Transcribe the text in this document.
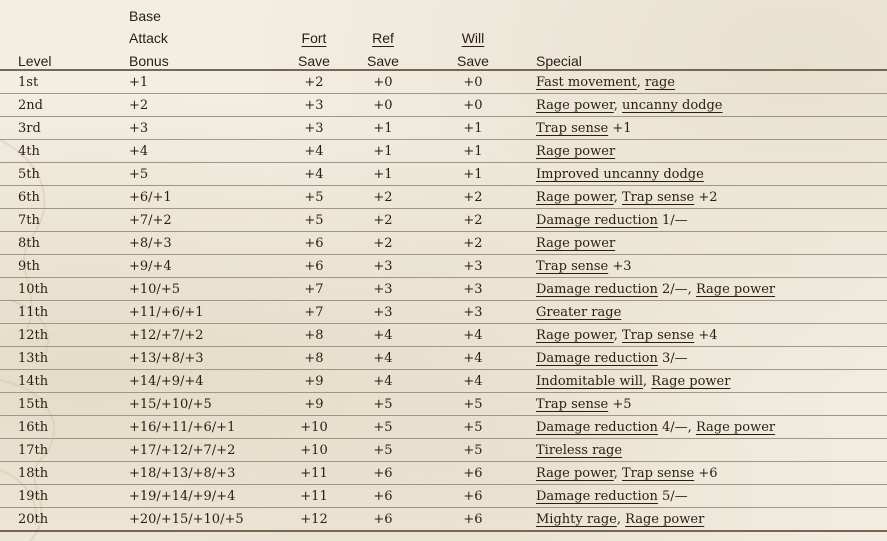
	Base				
	Attack	Fort	Ref	Will	
Level	Bonus	Save	Save	Save	Special
1st	+1	+2	+0	+0	Fast movement, rage
2nd	+2	+3	+0	+0	Rage power, uncanny dodge
3rd	+3	+3	+1	+1	Trap sense +1
4th	+4	+4	+1	+1	Rage power
5th	+5	+4	+1	+1	Improved uncanny dodge
6th	+6/+1	+5	+2	+2	Rage power, Trap sense +2
7th	+7/+2	+5	+2	+2	Damage reduction 1/—
8th	+8/+3	+6	+2	+2	Rage power
9th	+9/+4	+6	+3	+3	Trap sense +3
10th	+10/+5	+7	+3	+3	Damage reduction 2/—, Rage power
11th	+11/+6/+1	+7	+3	+3	Greater rage
12th	+12/+7/+2	+8	+4	+4	Rage power, Trap sense +4
13th	+13/+8/+3	+8	+4	+4	Damage reduction 3/—
14th	+14/+9/+4	+9	+4	+4	Indomitable will, Rage power
15th	+15/+10/+5	+9	+5	+5	Trap sense +5
16th	+16/+11/+6/+1	+10	+5	+5	Damage reduction 4/—, Rage power
17th	+17/+12/+7/+2	+10	+5	+5	Tireless rage
18th	+18/+13/+8/+3	+11	+6	+6	Rage power, Trap sense +6
19th	+19/+14/+9/+4	+11	+6	+6	Damage reduction 5/—
20th	+20/+15/+10/+5	+12	+6	+6	Mighty rage, Rage power
